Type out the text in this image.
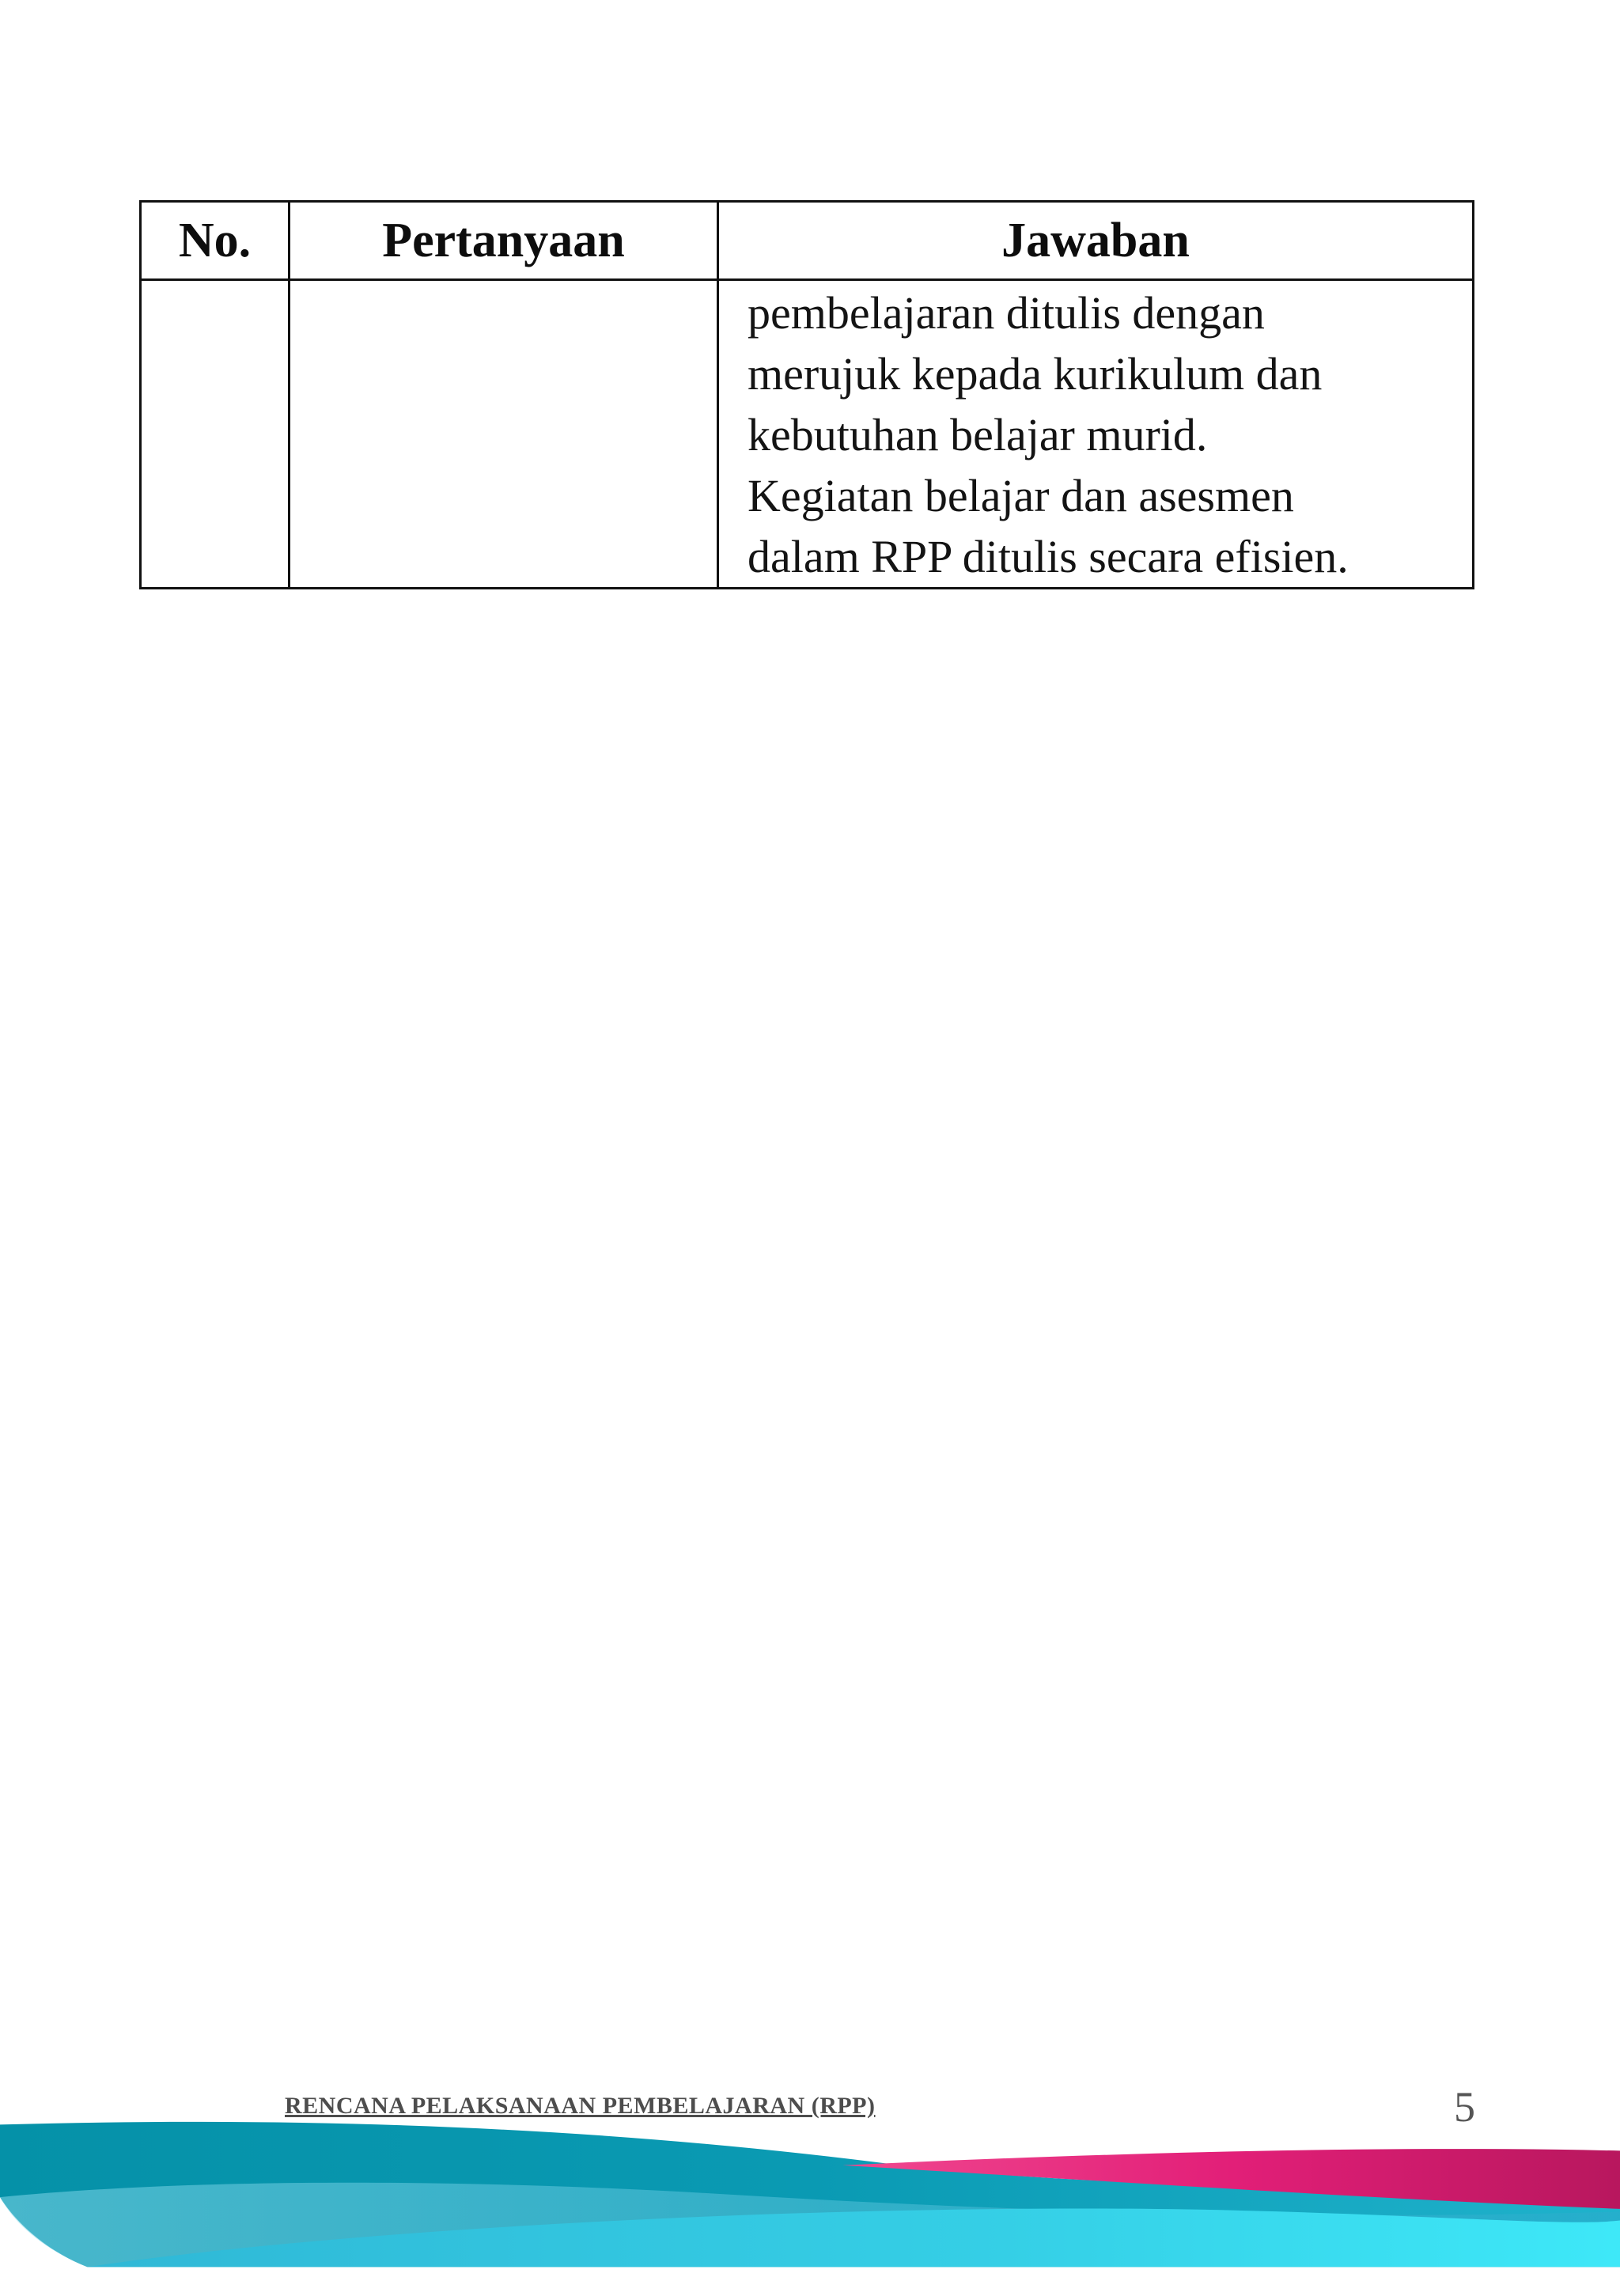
No.	Pertanyaan	Jawaban

		pembelajaran ditulis dengan
merujuk kepada kurikulum dan
kebutuhan belajar murid.
Kegiatan belajar dan asesmen
dalam RPP ditulis secara efisien.
RENCANA PELAKSANAAN PEMBELAJARAN (RPP)	5
